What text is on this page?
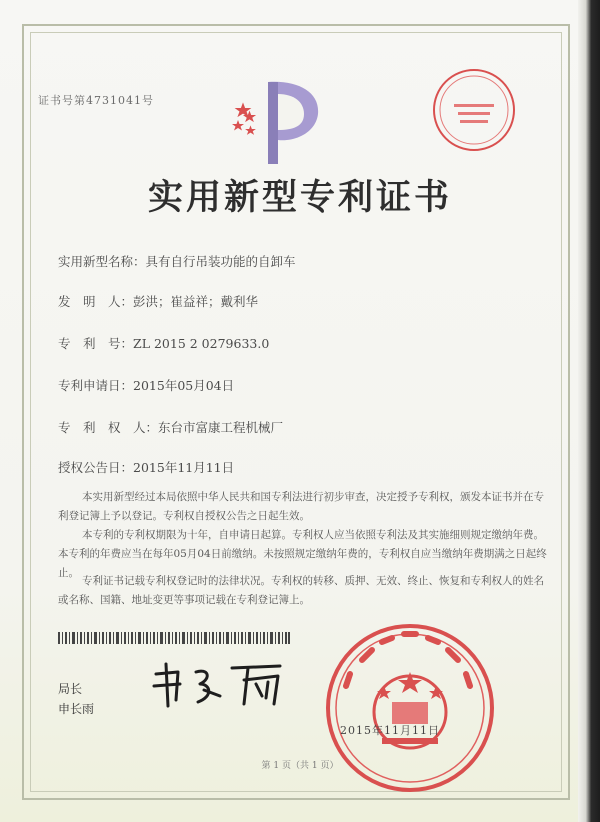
证书号第4731041号
实用新型专利证书
实用新型名称：具有自行吊装功能的自卸车
发　明　人：彭洪；崔益祥；戴利华
专　利　号：ZL 2015 2 0279633.0
专利申请日：2015年05月04日
专　利　权　人：东台市富康工程机械厂
授权公告日：2015年11月11日
本实用新型经过本局依照中华人民共和国专利法进行初步审查，决定授予专利权，颁发本证书并在专利登记簿上予以登记。专利权自授权公告之日起生效。
本专利的专利权期限为十年，自申请日起算。专利权人应当依照专利法及其实施细则规定缴纳年费。本专利的年费应当在每年05月04日前缴纳。未按照规定缴纳年费的，专利权自应当缴纳年费期满之日起终止。
专利证书记载专利权登记时的法律状况。专利权的转移、质押、无效、终止、恢复和专利权人的姓名或名称、国籍、地址变更等事项记载在专利登记簿上。
局长
申长雨
2015年11月11日
第 1 页（共 1 页）
